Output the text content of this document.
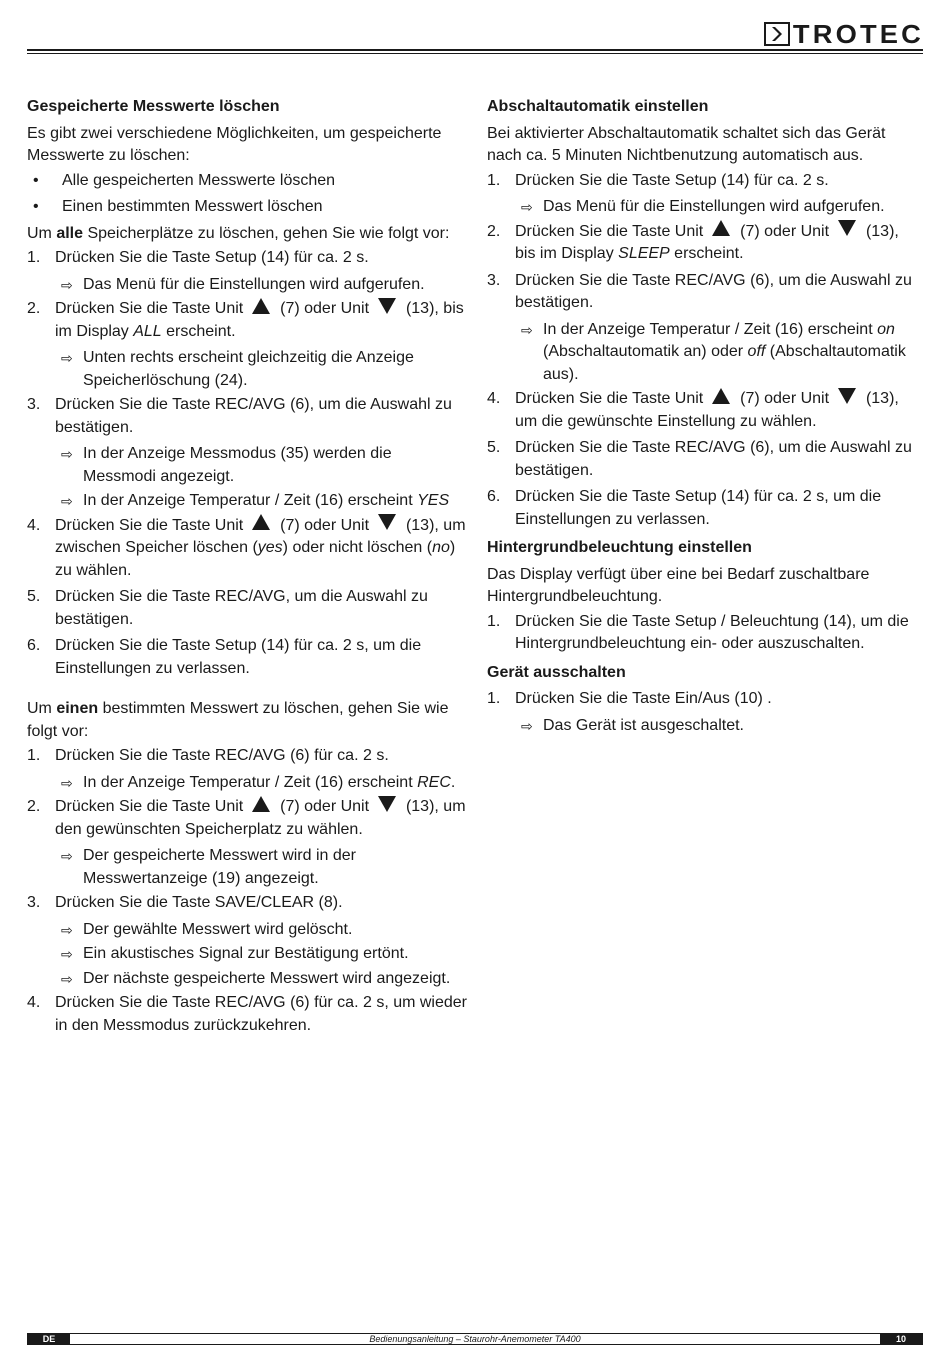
TROTEC
Gespeicherte Messwerte löschen

Es gibt zwei verschiedene Möglichkeiten, um gespeicherte Messwerte zu löschen:

•	Alle gespeicherten Messwerte löschen
•	Einen bestimmten Messwert löschen

Um alle Speicherplätze zu löschen, gehen Sie wie folgt vor:

1. Drücken Sie die Taste Setup (14) für ca. 2 s.
⇨ Das Menü für die Einstellungen wird aufgerufen.
2. Drücken Sie die Taste Unit  (7) oder Unit  (13), bis im Display ALL erscheint.
⇨ Unten rechts erscheint gleichzeitig die Anzeige Speicherlöschung (24).
3. Drücken Sie die Taste REC/AVG (6), um die Auswahl zu bestätigen.
⇨ In der Anzeige Messmodus (35) werden die Messmodi angezeigt.
⇨ In der Anzeige Temperatur / Zeit (16) erscheint YES
4. Drücken Sie die Taste Unit  (7) oder Unit  (13), um zwischen Speicher löschen (yes) oder nicht löschen (no) zu wählen.
5. Drücken Sie die Taste REC/AVG, um die Auswahl zu bestätigen.
6. Drücken Sie die Taste Setup (14) für ca. 2 s, um die Einstellungen zu verlassen.

Um einen bestimmten Messwert zu löschen, gehen Sie wie folgt vor:

1. Drücken Sie die Taste REC/AVG (6) für ca. 2 s.
⇨ In der Anzeige Temperatur / Zeit (16) erscheint REC.
2. Drücken Sie die Taste Unit  (7) oder Unit  (13), um den gewünschten Speicherplatz zu wählen.
⇨ Der gespeicherte Messwert wird in der Messwertanzeige (19) angezeigt.
3. Drücken Sie die Taste SAVE/CLEAR (8).
⇨ Der gewählte Messwert wird gelöscht.
⇨ Ein akustisches Signal zur Bestätigung ertönt.
⇨ Der nächste gespeicherte Messwert wird angezeigt.
4. Drücken Sie die Taste REC/AVG (6) für ca. 2 s, um wieder in den Messmodus zurückzukehren.
Abschaltautomatik einstellen

Bei aktivierter Abschaltautomatik schaltet sich das Gerät nach ca. 5 Minuten Nichtbenutzung automatisch aus.

1. Drücken Sie die Taste Setup (14) für ca. 2 s.
⇨ Das Menü für die Einstellungen wird aufgerufen.
2. Drücken Sie die Taste Unit  (7) oder Unit  (13), bis im Display SLEEP erscheint.
3. Drücken Sie die Taste REC/AVG (6), um die Auswahl zu bestätigen.
⇨ In der Anzeige Temperatur / Zeit (16) erscheint on (Abschaltautomatik an) oder off (Abschaltautomatik aus).
4. Drücken Sie die Taste Unit  (7) oder Unit  (13), um die gewünschte Einstellung zu wählen.
5. Drücken Sie die Taste REC/AVG (6), um die Auswahl zu bestätigen.
6. Drücken Sie die Taste Setup (14) für ca. 2 s, um die Einstellungen zu verlassen.
Hintergrundbeleuchtung einstellen

Das Display verfügt über eine bei Bedarf zuschaltbare Hintergrundbeleuchtung.

1. Drücken Sie die Taste Setup / Beleuchtung (14), um die Hintergrundbeleuchtung ein- oder auszuschalten.
Gerät ausschalten
1. Drücken Sie die Taste Ein/Aus (10) .
⇨ Das Gerät ist ausgeschaltet.
Bedienungsanleitung – Staurohr-Anemometer TA400
DE	10
